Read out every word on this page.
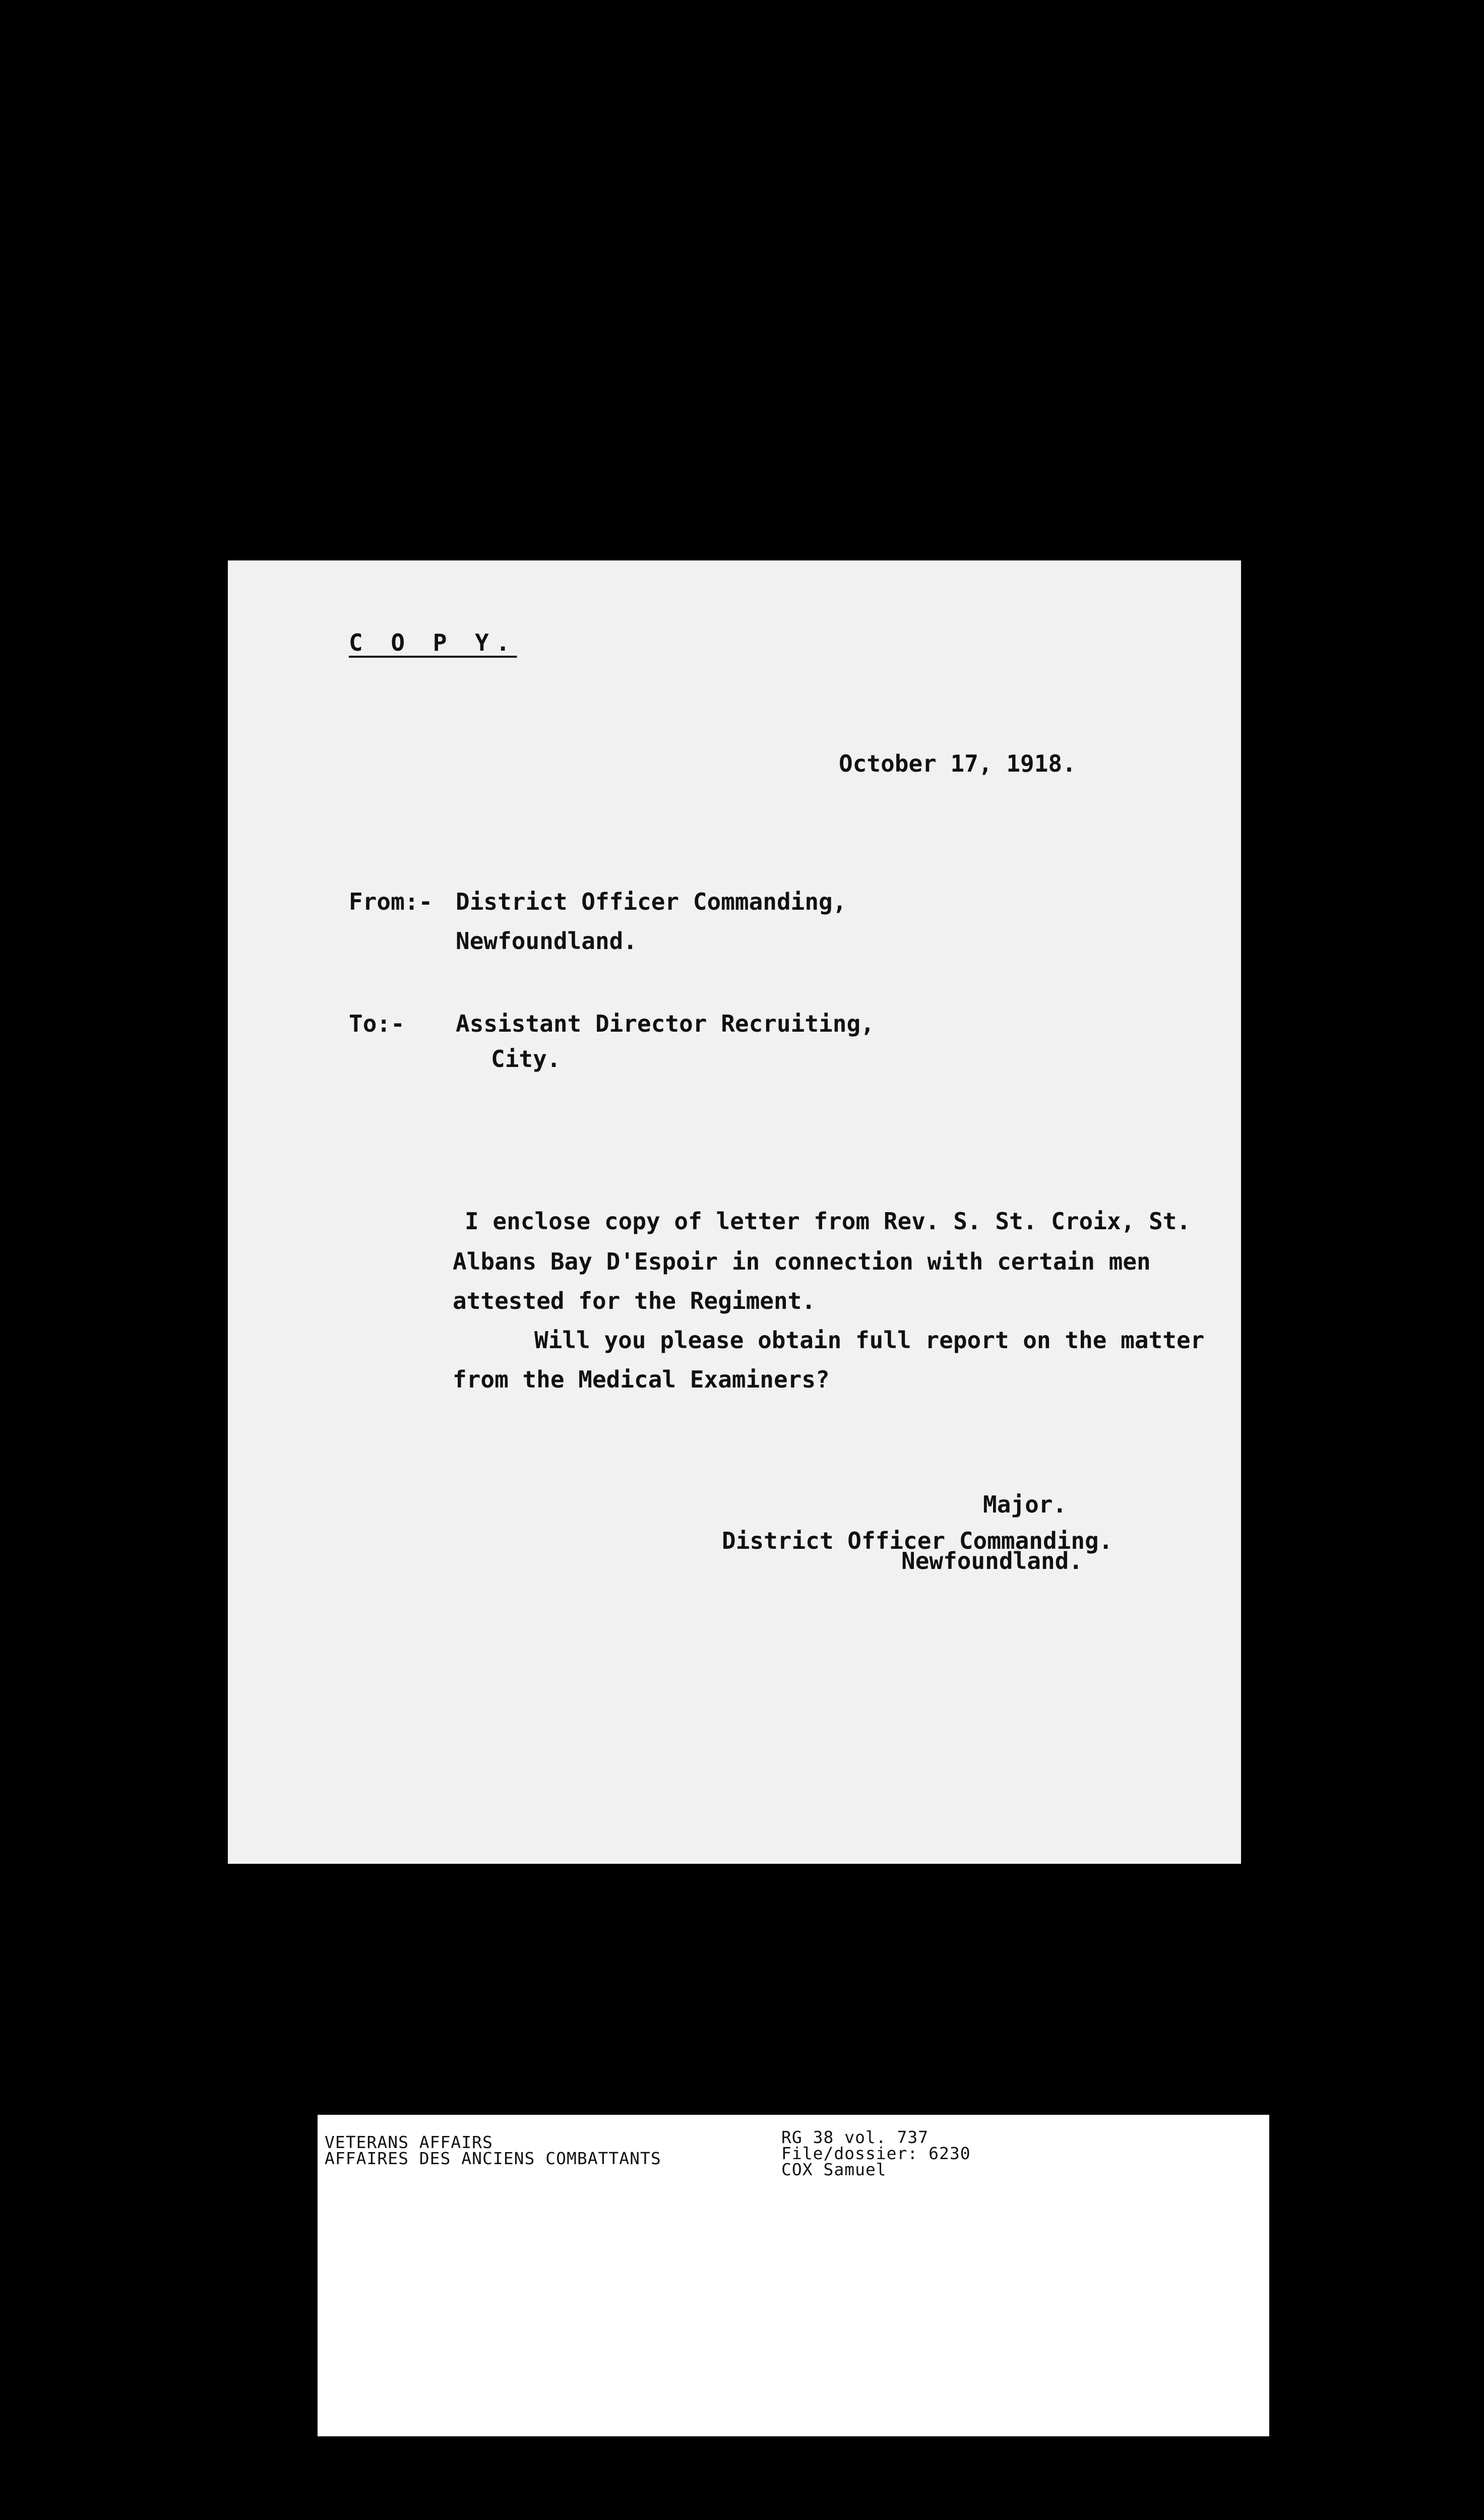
C O P Y.
October 17, 1918.
From:- District Officer Commanding,
Newfoundland.
To:- Assistant Director Recruiting,
City.
I enclose copy of letter from Rev. S. St. Croix, St.
Albans Bay D'Espoir in connection with certain men
attested for the Regiment.
Will you please obtain full report on the matter
from the Medical Examiners?
Major.
District Officer Commanding.
Newfoundland.
VETERANS AFFAIRS
AFFAIRES DES ANCIENS COMBATTANTS
RG 38 vol. 737
File/dossier: 6230
COX Samuel
